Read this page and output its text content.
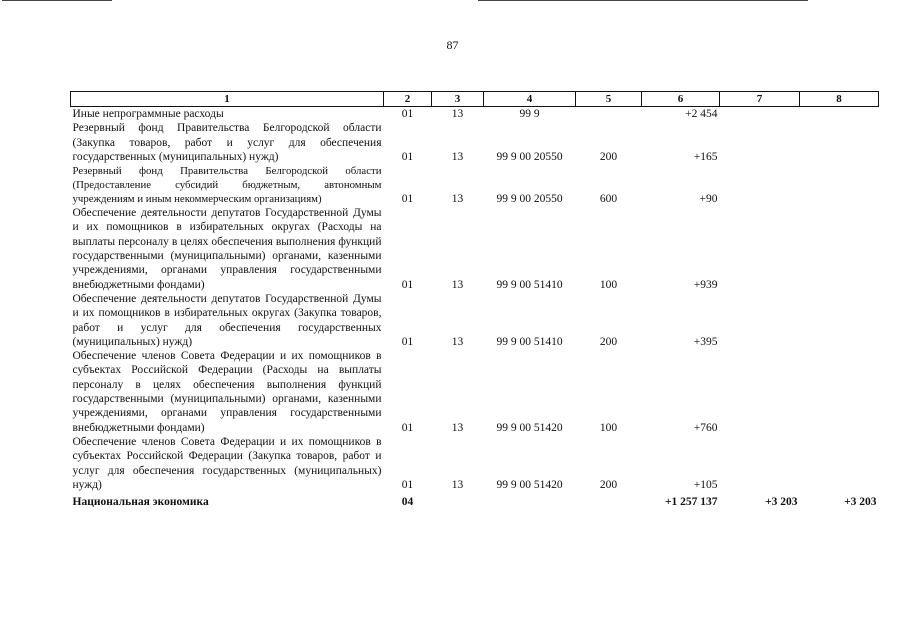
87
1	2	3	4	5	6	7	8
Иные непрограммные расходы	01	13	99 9		+2 454		
Резервный фонд Правительства Белгородской области (Закупка товаров, работ и услуг для обеспечения государственных (муниципальных) нужд)	01	13	99 9 00 20550	200	+165		
Резервный фонд Правительства Белгородской области (Предоставление субсидий бюджетным, автономным учреждениям и иным некоммерческим организациям)	01	13	99 9 00 20550	600	+90		
Обеспечение деятельности депутатов Государственной Думы и их помощников в избирательных округах (Расходы на выплаты персоналу в целях обеспечения выполнения функций государственными (муниципальными) органами, казенными учреждениями, органами управления государственными внебюджетными фондами)	01	13	99 9 00 51410	100	+939		
Обеспечение деятельности депутатов Государственной Думы и их помощников в избирательных округах (Закупка товаров, работ и услуг для обеспечения государственных (муниципальных) нужд)	01	13	99 9 00 51410	200	+395		
Обеспечение членов Совета Федерации и их помощников в субъектах Российской Федерации (Расходы на выплаты персоналу в целях обеспечения выполнения функций государственными (муниципальными) органами, казенными учреждениями, органами управления государственными внебюджетными фондами)	01	13	99 9 00 51420	100	+760		
Обеспечение членов Совета Федерации и их помощников в субъектах Российской Федерации (Закупка товаров, работ и услуг для обеспечения государственных (муниципальных) нужд)	01	13	99 9 00 51420	200	+105		
Национальная экономика	04				+1 257 137	+3 203	+3 203
